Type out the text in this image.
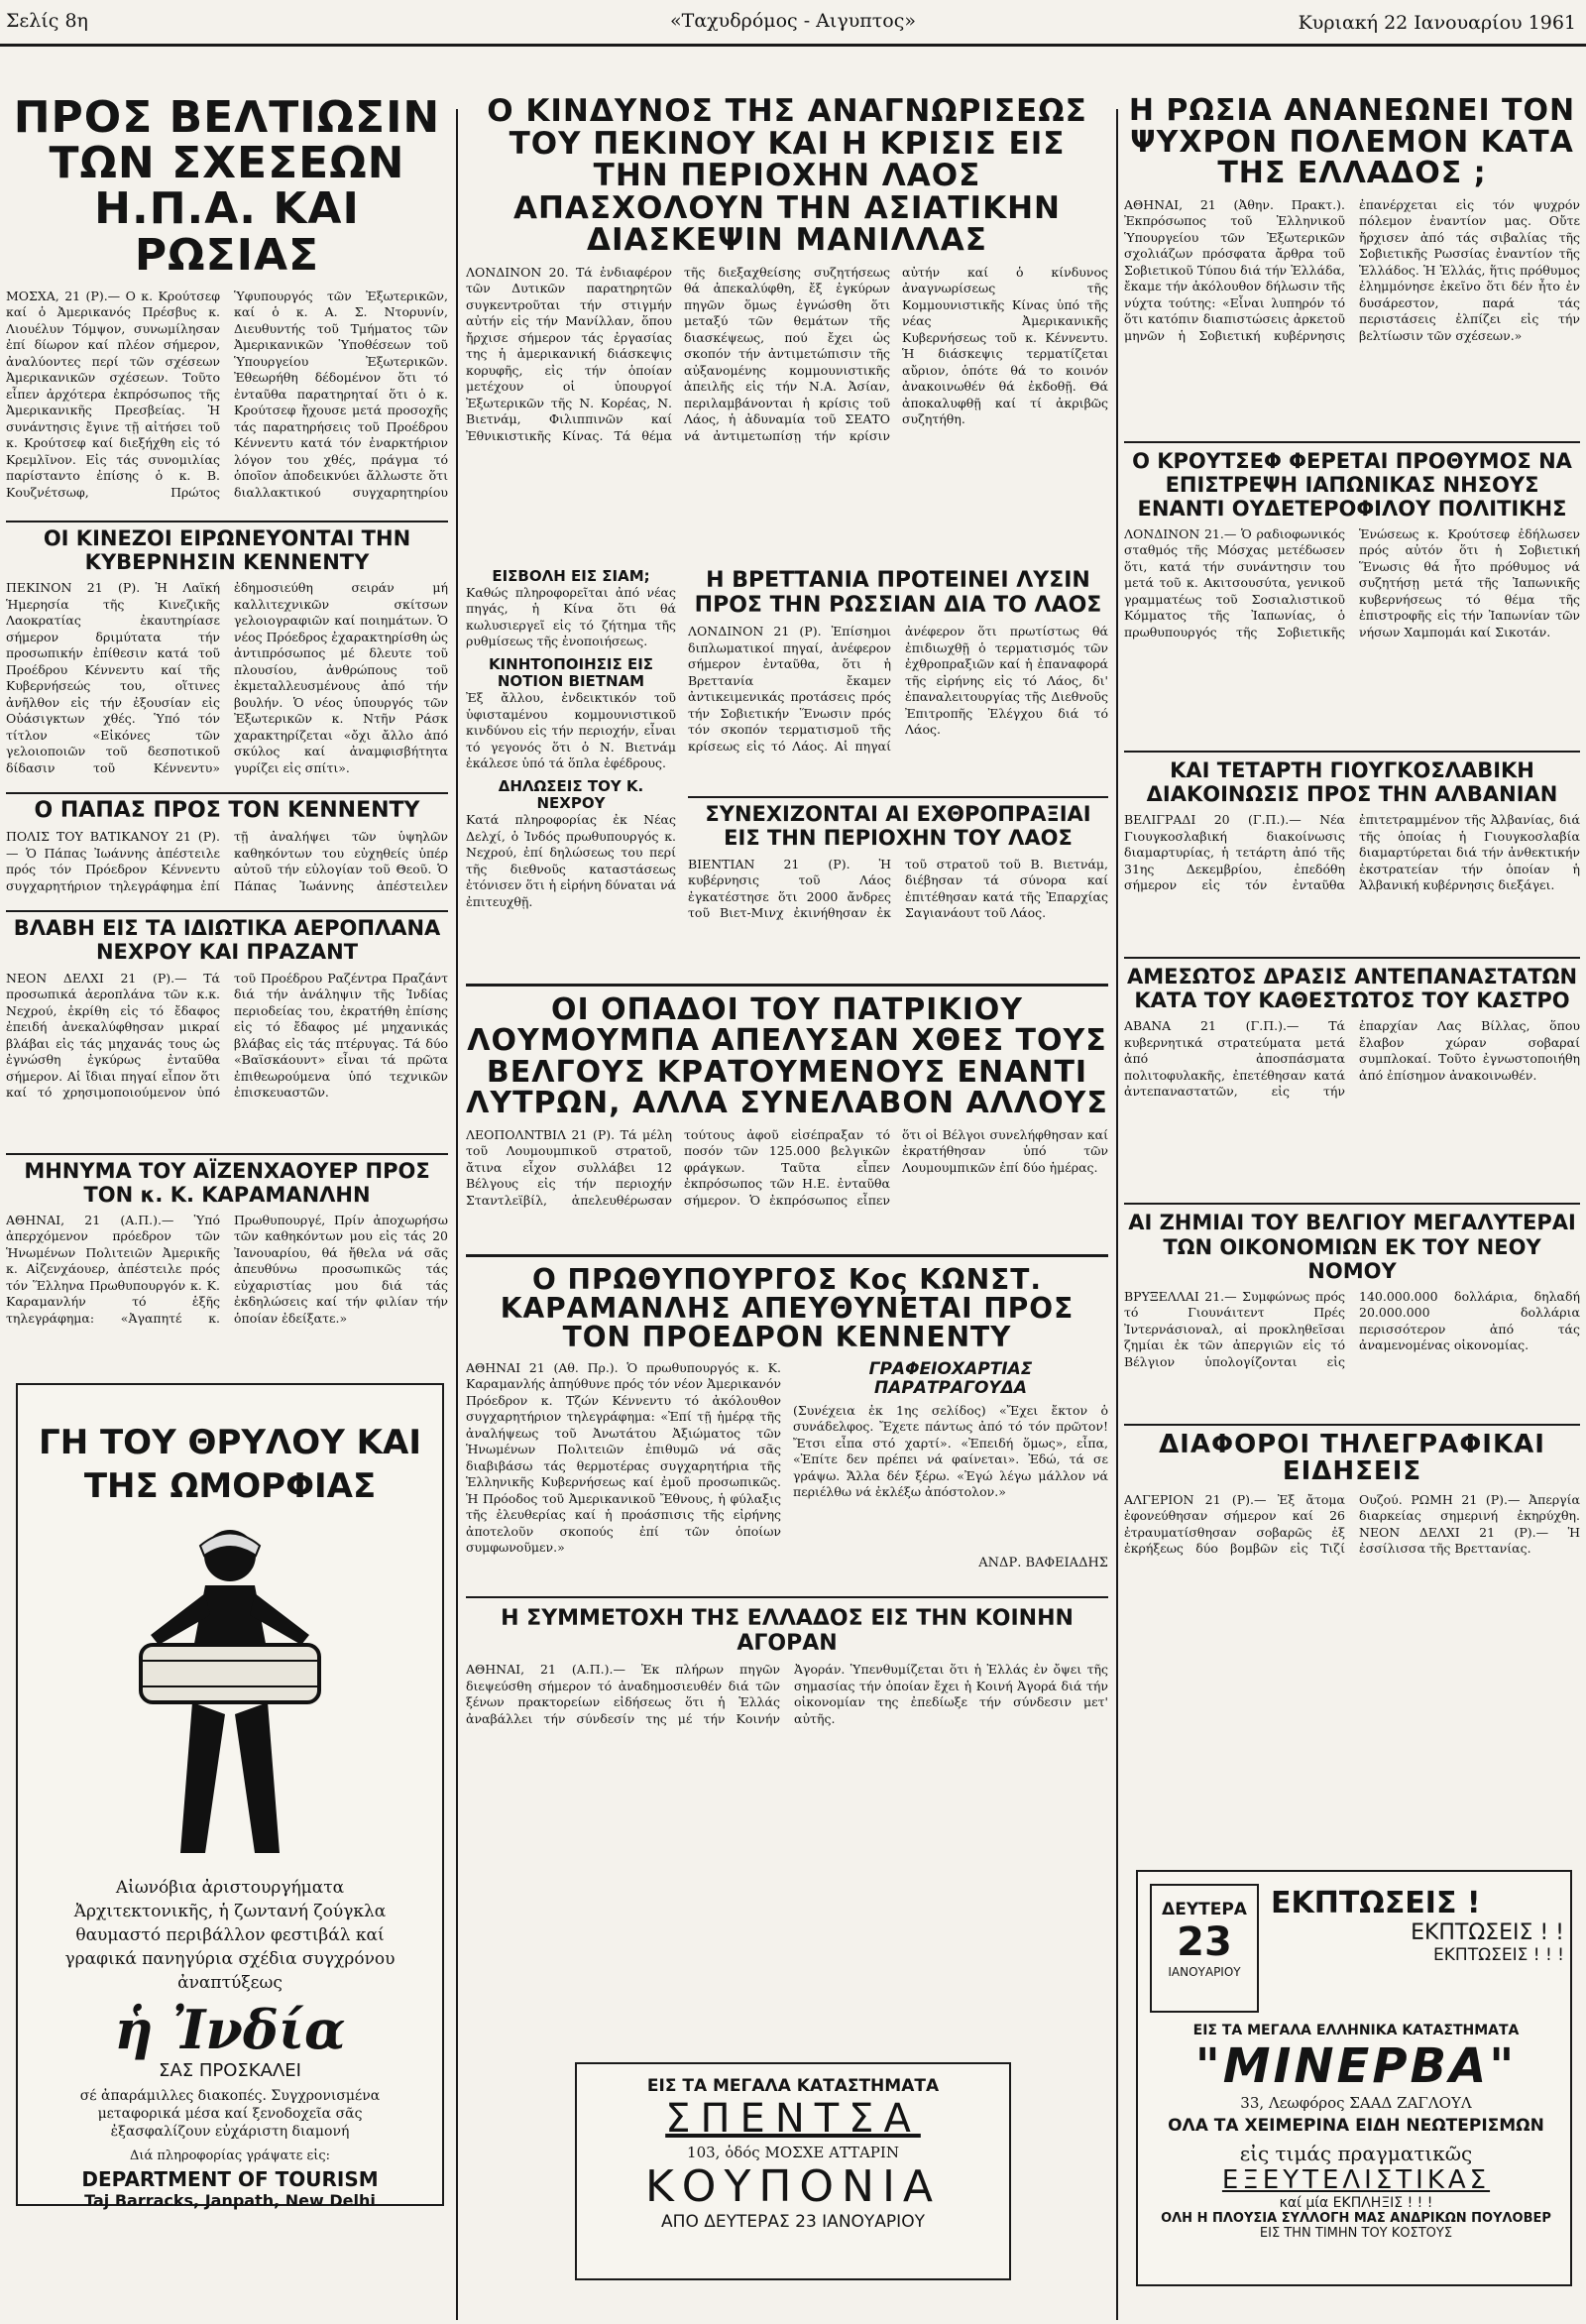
Σελίς 8η	«Ταχυδρόμος - Αιγυπτος»	Κυριακή 22 Ιανουαρίου 1961
ΠΡΟΣ ΒΕΛΤΙΩΣΙΝ ΤΩΝ ΣΧΕΣΕΩΝ Η.Π.Α. ΚΑΙ ΡΩΣΙΑΣ

ΜΟΣΧΑ, 21 (Ρ).— Ο κ. Κρούτσεφ καί ὁ Ἀμερικανός Πρέσβυς κ. Λιουέλυν Τόμψον, συνωμίλησαν ἐπί δίωρον καί πλέον σήμερον, ἀναλύοντες περί τῶν σχέσεων Ἀμερικανικῶν σχέσεων. Τοῦτο εἶπεν ἀρχότερα ἐκπρόσωπος τῆς Ἀμερικανικῆς Πρεσβείας. Ἡ συνάντησις ἔγινε τῇ αἰτήσει τοῦ κ. Κρούτσεφ καί διεξήχθη εἰς τό Κρεμλῖνον. Εἰς τάς συνομιλίας παρίσταντο ἐπίσης ὁ κ. Β. Κουζνέτσωφ, Πρώτος Ὑφυπουργός τῶν Ἐξωτερικῶν, καί ὁ κ. Α. Σ. Ντορυνίν, Διευθυντής τοῦ Τμήματος τῶν Ἀμερικανικῶν Ὑποθέσεων τοῦ Ὑπουργείου Ἐξωτερικῶν. Ἐθεωρήθη δέδομένον ὅτι τό ἐνταῦθα παρατηρηταί ὅτι ὁ κ. Κρούτσεφ ἤχουσε μετά προσοχῆς τάς παρατηρήσεις τοῦ Προέδρου Κέννεντυ κατά τόν ἐναρκτήριον λόγον του χθές, πράγμα τό ὁποῖον ἀποδεικνύει ἄλλωστε ὅτι διαλλακτικού συγχαρητηρίου

ΟΙ ΚΙΝΕΖΟΙ ΕΙΡΩΝΕΥΟΝΤΑΙ ΤΗΝ ΚΥΒΕΡΝΗΣΙΝ ΚΕΝΝΕΝΤΥ

ΠΕΚΙΝΟΝ 21 (Ρ). Ἡ Λαϊκή Ἡμερησία τῆς Κινεζικῆς Λαοκρατίας ἐκαυτηρίασε σήμερον δριμύτατα τήν προσωπικήν ἐπίθεσιν κατά τοῦ Προέδρου Κέννεντυ καί τῆς Κυβερνήσεώς του, οἵτινες ἀνῆλθον εἰς τήν ἐξουσίαν εἰς Οὐάσιγκτων χθές. Ὑπό τόν τίτλον «Εἰκόνες τῶν γελοιοποιῶν τοῦ δεσποτικοῦ δίδασιν τοῦ Κέννεντυ» ἐδημοσιεύθη σειράν μή καλλιτεχνικῶν σκίτσων γελοιογραφιῶν καί ποιημάτων. Ὁ νέος Πρόεδρος ἐχαρακτηρίσθη ὡς ἀντιπρόσωπος μέ δλευτε τοῦ πλουσίου, ἀνθρώπους τοῦ ἐκμεταλλευσμένους ἀπό τήν βουλήν. Ὁ νέος ὑπουργός τῶν Ἐξωτερικῶν κ. Ντῆν Ράσκ χαρακτηρίζεται «ὄχι ἄλλο ἀπό σκύλος καί ἀναμφισβήτητα γυρίζει εἰς σπίτι».

Ο ΠΑΠΑΣ ΠΡΟΣ ΤΟΝ ΚΕΝΝΕΝΤΥ

ΠΟΛΙΣ ΤΟΥ ΒΑΤΙΚΑΝΟΥ 21 (Ρ).— Ὁ Πάπας Ἰωάννης ἀπέστειλε πρός τόν Πρόεδρον Κέννεντυ συγχαρητήριον τηλεγράφημα ἐπί τῇ ἀναλήψει τῶν ὑψηλῶν καθηκόντων του εὐχηθείς ὑπέρ αὐτοῦ τήν εὐλογίαν τοῦ Θεοῦ. Ὁ Πάπας Ἰωάννης ἀπέστειλεν

ΒΛΑΒΗ ΕΙΣ ΤΑ ΙΔΙΩΤΙΚΑ ΑΕΡΟΠΛΑΝΑ ΝΕΧΡΟΥ ΚΑΙ ΠΡΑΖΑΝΤ

ΝΕΟΝ ΔΕΛΧΙ 21 (Ρ).— Τά προσωπικά ἀεροπλάνα τῶν κ.κ. Νεχρού, ἐκρίθη εἰς τό ἔδαφος ἐπειδή ἀνεκαλύφθησαν μικραί βλάβαι εἰς τάς μηχανάς τους ὡς ἐγνώσθη ἐγκύρως ἐνταῦθα σήμερον. Αἱ ἴδιαι πηγαί εἶπον ὅτι καί τό χρησιμοποιούμενον ὑπό τοῦ Προέδρου Ραζέντρα Πραζάντ διά τήν ἀνάληψιν τῆς Ἰνδίας περιοδείας του, ἐκρατήθη ἐπίσης εἰς τό ἔδαφος μέ μηχανικάς βλάβας εἰς τάς πτέρυγας. Τά δύο «Βαϊσκάουντ» εἶναι τά πρῶτα ἐπιθεωρούμενα ὑπό τεχνικῶν ἐπισκευαστῶν.

ΜΗΝΥΜΑ ΤΟΥ ΑΪΖΕΝΧΑΟΥΕΡ ΠΡΟΣ ΤΟΝ κ. Κ. ΚΑΡΑΜΑΝΛΗΝ

ΑΘΗΝΑΙ, 21 (Α.Π.).— Ὑπό ἀπερχόμενον πρόεδρον τῶν Ἡνωμένων Πολιτειῶν Ἀμερικῆς κ. Αἰζενχάουερ, ἀπέστειλε πρός τόν Ἕλληνα Πρωθυπουργόν κ. Κ. Καραμανλήν τό ἑξῆς τηλεγράφημα: «Ἀγαπητέ κ. Πρωθυπουργέ, Πρίν ἀποχωρήσω τῶν καθηκόντων μου εἰς τάς 20 Ἰανουαρίου, θά ἤθελα νά σᾶς ἀπευθύνω προσωπικῶς τάς εὐχαριστίας μου διά τάς ἐκδηλώσεις καί τήν φιλίαν τήν ὁποίαν ἐδείξατε.»

ΓΗ ΤΟΥ ΘΡΥΛΟΥ ΚΑΙ ΤΗΣ ΩΜΟΡΦΙΑΣ

Αἰωνόβια ἀριστουργήματα Ἀρχιτεκτονικῆς, ἡ ζωντανή ζούγκλα θαυμαστό περιβάλλον φεστιβάλ καί γραφικά πανηγύρια σχέδια συγχρόνου ἀναπτύξεως

ἡ Ἰνδία
ΣΑΣ ΠΡΟΣΚΑΛΕΙ

σέ ἀπαράμιλλες διακοπές. Συγχρονισμένα μεταφορικά μέσα καί ξενοδοχεῖα σᾶς ἐξασφαλίζουν εὐχάριστη διαμονή

Διά πληροφορίας γράψατε εἰς:

DEPARTMENT OF TOURISM
Taj Barracks, Janpath, New Delhi
Ο ΚΙΝΔΥΝΟΣ ΤΗΣ ΑΝΑΓΝΩΡΙΣΕΩΣ ΤΟΥ ΠΕΚΙΝΟΥ ΚΑΙ Η ΚΡΙΣΙΣ ΕΙΣ ΤΗΝ ΠΕΡΙΟΧΗΝ ΛΑΟΣ ΑΠΑΣΧΟΛΟΥΝ ΤΗΝ ΑΣΙΑΤΙΚΗΝ ΔΙΑΣΚΕΨΙΝ ΜΑΝΙΛΛΑΣ

ΛΟΝΔΙΝΟΝ 20. Τά ἐνδιαφέρον τῶν Δυτικῶν παρατηρητῶν συγκεντροῦται τήν στιγμήν αὐτήν εἰς τήν Μανίλλαν, ὅπου ἤρχισε σήμερον τάς ἐργασίας της ἡ ἀμερικανική διάσκεψις κορυφῆς, εἰς τήν ὁποίαν μετέχουν οἱ ὑπουργοί Ἐξωτερικῶν τῆς Ν. Κορέας, Ν. Βιετνάμ, Φιλιππινῶν καί Ἐθνικιστικῆς Κίνας. Τά θέμα τῆς διεξαχθείσης συζητήσεως θά ἀπεκαλύφθη, ἔξ ἐγκύρων πηγῶν ὅμως ἐγνώσθη ὅτι μεταξύ τῶν θεμάτων τῆς διασκέψεως, πού ἔχει ὡς σκοπόν τήν ἀντιμετώπισιν τῆς αὐξανομένης κομμουνιστικῆς ἀπειλῆς εἰς τήν Ν.Α. Ἀσίαν, περιλαμβάνονται ἡ κρίσις τοῦ Λάος, ἡ ἀδυναμία τοῦ ΣΕΑΤΟ νά ἀντιμετωπίσῃ τήν κρίσιν αὐτήν καί ὁ κίνδυνος ἀναγνωρίσεως τῆς Κομμουνιστικῆς Κίνας ὑπό τῆς νέας Ἀμερικανικῆς Κυβερνήσεως τοῦ κ. Κέννεντυ. Ἡ διάσκεψις τερματίζεται αὔριον, ὁπότε θά το κοινόν ἀνακοινωθέν θά ἐκδοθῇ. Θά ἀποκαλυφθῇ καί τί ἀκριβῶς συζητήθη.

ΕΙΣΒΟΛΗ ΕΙΣ ΣΙΑΜ;

Καθώς πληροφορεῖται ἀπό νέας πηγάς, ἡ Κίνα ὅτι θά κωλυσιεργεῖ εἰς τό ζήτημα τῆς ρυθμίσεως τῆς ἐνοποιήσεως.

ΚΙΝΗΤΟΠΟΙΗΣΙΣ ΕΙΣ ΝΟΤΙΟΝ ΒΙΕΤΝΑΜ

Ἐξ ἄλλου, ἐνδεικτικόν τοῦ ὑφισταμένου κομμουνιστικοῦ κινδύνου εἰς τήν περιοχήν, εἶναι τό γεγονός ὅτι ὁ Ν. Βιετνάμ ἐκάλεσε ὑπό τά ὅπλα ἐφέδρους.

ΔΗΛΩΣΕΙΣ ΤΟΥ Κ. ΝΕΧΡΟΥ

Κατά πληροφορίας ἐκ Νέας Δελχί, ὁ Ἰνδός πρωθυπουργός κ. Νεχρού, ἐπί δηλώσεως του περί τῆς διεθνοῦς καταστάσεως ἐτόνισεν ὅτι ἡ εἰρήνη δύναται νά ἐπιτευχθῇ.

Η ΒΡΕΤΤΑΝΙΑ ΠΡΟΤΕΙΝΕΙ ΛΥΣΙΝ ΠΡΟΣ ΤΗΝ ΡΩΣΣΙΑΝ ΔΙΑ ΤΟ ΛΑΟΣ

ΛΟΝΔΙΝΟΝ 21 (Ρ). Ἐπίσημοι διπλωματικοί πηγαί, ἀνέφερον σήμερον ἐνταῦθα, ὅτι ἡ Βρεττανία ἔκαμεν ἀντικειμενικάς προτάσεις πρός τήν Σοβιετικήν Ἕνωσιν πρός τόν σκοπόν τερματισμοῦ τῆς κρίσεως εἰς τό Λάος. Αἱ πηγαί ἀνέφερον ὅτι πρωτίστως θά ἐπιδιωχθῇ ὁ τερματισμός τῶν ἐχθροπραξιῶν καί ἡ ἐπαναφορά τῆς εἰρήνης εἰς τό Λάος, δι' ἐπαναλειτουργίας τῆς Διεθνοῦς Ἐπιτροπῆς Ἐλέγχου διά τό Λάος.

ΣΥΝΕΧΙΖΟΝΤΑΙ ΑΙ ΕΧΘΡΟΠΡΑΞΙΑΙ ΕΙΣ ΤΗΝ ΠΕΡΙΟΧΗΝ ΤΟΥ ΛΑΟΣ

ΒΙΕΝΤΙΑΝ 21 (Ρ). Ἡ κυβέρνησις τοῦ Λάος ἐγκατέστησε ὅτι 2000 ἄνδρες τοῦ Βιετ-Μινχ ἐκινήθησαν ἐκ τοῦ στρατοῦ τοῦ Β. Βιετνάμ, διέβησαν τά σύνορα καί ἐπιτέθησαν κατά τῆς Ἐπαρχίας Σαγιανάουτ τοῦ Λάος.

ΟΙ ΟΠΑΔΟΙ ΤΟΥ ΠΑΤΡΙΚΙΟΥ ΛΟΥΜΟΥΜΠΑ ΑΠΕΛΥΣΑΝ ΧΘΕΣ ΤΟΥΣ ΒΕΛΓΟΥΣ ΚΡΑΤΟΥΜΕΝΟΥΣ ΕΝΑΝΤΙ ΛΥΤΡΩΝ, ΑΛΛΑ ΣΥΝΕΛΑΒΟΝ ΑΛΛΟΥΣ

ΛΕΟΠΟΛΝΤΒΙΛ 21 (Ρ). Τά μέλη τοῦ Λουμουμπικοῦ στρατοῦ, ἄτινα εἶχον συλλάβει 12 Βέλγους εἰς τήν περιοχήν Σταντλεϊβίλ, ἀπελευθέρωσαν τούτους ἀφοῦ εἰσέπραξαν τό ποσόν τῶν 125.000 βελγικῶν φράγκων. Ταῦτα εἶπεν ἐκπρόσωπος τῶν Η.Ε. ἐνταῦθα σήμερον. Ὁ ἐκπρόσωπος εἶπεν ὅτι οἱ Βέλγοι συνελήφθησαν καί ἐκρατήθησαν ὑπό τῶν Λουμουμπικῶν ἐπί δύο ἡμέρας.

Ο ΠΡΩΘΥΠΟΥΡΓΟΣ Κος ΚΩΝΣΤ. ΚΑΡΑΜΑΝΛΗΣ ΑΠΕΥΘΥΝΕΤΑΙ ΠΡΟΣ ΤΟΝ ΠΡΟΕΔΡΟΝ ΚΕΝΝΕΝΤΥ

ΑΘΗΝΑΙ 21 (Αθ. Πρ.). Ὁ πρωθυπουργός κ. Κ. Καραμανλής ἀπηύθυνε πρός τόν νέον Ἀμερικανόν Πρόεδρον κ. Τζών Κέννεντυ τό ἀκόλουθον συγχαρητήριον τηλεγράφημα: «Ἐπί τῇ ἡμέρᾳ τῆς ἀναλήψεως τοῦ Ἀνωτάτου Ἀξιώματος τῶν Ἡνωμένων Πολιτειῶν ἐπιθυμῶ νά σᾶς διαβιβάσω τάς θερμοτέρας συγχαρητήρια τῆς Ἑλληνικῆς Κυβερνήσεως καί ἐμοῦ προσωπικῶς. Ἡ Πρόοδος τοῦ Ἀμερικανικοῦ Ἔθνους, ἡ φύλαξις τῆς ἐλευθερίας καί ἡ προάσπισις τῆς εἰρήνης ἀποτελοῦν σκοπούς ἐπί τῶν ὁποίων συμφωνοῦμεν.»

ΓΡΑΦΕΙΟΧΑΡΤΙΑΣ ΠΑΡΑΤΡΑΓΟΥΔΑ

(Συνέχεια ἐκ 1ης σελίδος) «Ἔχει ἔκτον ὁ συνάδελφος. Ἔχετε πάντως ἀπό τό τόν πρῶτον! Ἔτσι εἶπα στό χαρτί». «Ἐπειδή ὅμως», εἶπα, «Ἐπίτε δεν πρέπει νά φαίνεται». Ἐδώ, τά σε γράψω. Ἄλλα δέν ξέρω. «Ἐγώ λέγω μάλλον νά περιέλθω νά ἐκλέξω ἀπόστολον.»

ΑΝΔΡ. ΒΑΦΕΙΑΔΗΣ

Η ΣΥΜΜΕΤΟΧΗ ΤΗΣ ΕΛΛΑΔΟΣ ΕΙΣ ΤΗΝ ΚΟΙΝΗΝ ΑΓΟΡΑΝ

ΑΘΗΝΑΙ, 21 (Α.Π.).— Ἐκ πλήρων πηγῶν διεψεύσθη σήμερον τό ἀναδημοσιευθέν διά τῶν ξένων πρακτορείων εἰδήσεως ὅτι ἡ Ἑλλάς ἀναβάλλει τήν σύνδεσίν της μέ τήν Κοινήν Ἀγοράν. Ὑπενθυμίζεται ὅτι ἡ Ἑλλάς ἐν ὄψει τῆς σημασίας τήν ὁποίαν ἔχει ἡ Κοινή Ἀγορά διά τήν οἰκονομίαν της ἐπεδίωξε τήν σύνδεσιν μετ' αὐτῆς.

ΕΙΣ ΤΑ ΜΕΓΑΛΑ ΚΑΤΑΣΤΗΜΑΤΑ
ΣΠΕΝΤΣΑ
103, ὁδός ΜΟΣΧΕ ΑΤΤΑΡΙΝ
ΚΟΥΠΟΝΙΑ
ΑΠΟ ΔΕΥΤΕΡΑΣ 23 ΙΑΝΟΥΑΡΙΟΥ
Η ΡΩΣΙΑ ΑΝΑΝΕΩΝΕΙ ΤΟΝ ΨΥΧΡΟΝ ΠΟΛΕΜΟΝ ΚΑΤΑ ΤΗΣ ΕΛΛΑΔΟΣ ;

ΑΘΗΝΑΙ, 21 (Ἀθην. Πρακτ.). Ἐκπρόσωπος τοῦ Ἑλληνικοῦ Ὑπουργείου τῶν Ἐξωτερικῶν σχολιάζων πρόσφατα ἄρθρα τοῦ Σοβιετικοῦ Τύπου διά τήν Ἑλλάδα, ἔκαμε τήν ἀκόλουθον δήλωσιν τῆς νύχτα τούτης: «Εἶναι λυπηρόν τό ὅτι κατόπιν διαπιστώσεις ἀρκετοῦ μηνῶν ἡ Σοβιετική κυβέρνησις ἐπανέρχεται εἰς τόν ψυχρόν πόλεμον ἐναντίον μας. Οὔτε ἤρχισεν ἀπό τάς σιβαλίας τῆς Σοβιετικῆς Ρωσσίας ἐναντίον τῆς Ἑλλάδος. Ἡ Ἑλλάς, ἥτις πρόθυμος ἐλημμόνησε ἐκεῖνο ὅτι δέν ἦτο ἐν δυσάρεστον, παρά τάς περιστάσεις ἐλπίζει εἰς τήν βελτίωσιν τῶν σχέσεων.»

Ο ΚΡΟΥΤΣΕΦ ΦΕΡΕΤΑΙ ΠΡΟΘΥΜΟΣ ΝΑ ΕΠΙΣΤΡΕΨΗ ΙΑΠΩΝΙΚΑΣ ΝΗΣΟΥΣ ΕΝΑΝΤΙ ΟΥΔΕΤΕΡΟΦΙΛΟΥ ΠΟΛΙΤΙΚΗΣ

ΛΟΝΔΙΝΟΝ 21.— Ὁ ραδιοφωνικός σταθμός τῆς Μόσχας μετέδωσεν ὅτι, κατά τήν συνάντησιν του μετά τοῦ κ. Ακιτσουσύτα, γενικοῦ γραμματέως τοῦ Σοσιαλιστικοῦ Κόμματος τῆς Ἰαπωνίας, ὁ πρωθυπουργός τῆς Σοβιετικῆς Ἑνώσεως κ. Κρούτσεφ ἐδήλωσεν πρός αὐτόν ὅτι ἡ Σοβιετική Ἕνωσις θά ἦτο πρόθυμος νά συζητήσῃ μετά τῆς Ἰαπωνικῆς κυβερνήσεως τό θέμα τῆς ἐπιστροφῆς εἰς τήν Ἰαπωνίαν τῶν νήσων Χαμπομάι καί Σικοτάν.

ΚΑΙ ΤΕΤΑΡΤΗ ΓΙΟΥΓΚΟΣΛΑΒΙΚΗ ΔΙΑΚΟΙΝΩΣΙΣ ΠΡΟΣ ΤΗΝ ΑΛΒΑΝΙΑΝ

ΒΕΛΙΓΡΑΔΙ 20 (Γ.Π.).— Νέα Γιουγκοσλαβική διακοίνωσις διαμαρτυρίας, ἡ τετάρτη ἀπό τῆς 31ης Δεκεμβρίου, ἐπεδόθη σήμερον εἰς τόν ἐνταῦθα ἐπιτετραμμένον τῆς Ἀλβανίας, διά τῆς ὁποίας ἡ Γιουγκοσλαβία διαμαρτύρεται διά τήν ἀνθεκτικήν ἐκστρατείαν τήν ὁποίαν ἡ Ἀλβανική κυβέρνησις διεξάγει.

ΑΜΕΣΩΤΟΣ ΔΡΑΣΙΣ ΑΝΤΕΠΑΝΑΣΤΑΤΩΝ ΚΑΤΑ ΤΟΥ ΚΑΘΕΣΤΩΤΟΣ ΤΟΥ ΚΑΣΤΡΟ

ΑΒΑΝΑ 21 (Γ.Π.).— Τά κυβερνητικά στρατεύματα μετά ἀπό ἀποσπάσματα πολιτοφυλακῆς, ἐπετέθησαν κατά ἀντεπαναστατῶν, εἰς τήν ἐπαρχίαν Λας Βίλλας, ὅπου ἔλαβον χώραν σοβαραί συμπλοκαί. Τοῦτο ἐγνωστοποιήθη ἀπό ἐπίσημον ἀνακοινωθέν.

ΑΙ ΖΗΜΙΑΙ ΤΟΥ ΒΕΛΓΙΟΥ ΜΕΓΑΛΥΤΕΡΑΙ ΤΩΝ ΟΙΚΟΝΟΜΙΩΝ ΕΚ ΤΟΥ ΝΕΟΥ ΝΟΜΟΥ

ΒΡΥΞΕΛΛΑΙ 21.— Συμφώνως πρός τό Γιουνάιτεντ Πρές Ἰντερνάσιοναλ, αἱ προκληθεῖσαι ζημίαι ἐκ τῶν ἀπεργιῶν εἰς τό Βέλγιον ὑπολογίζονται εἰς 140.000.000 δολλάρια, δηλαδή 20.000.000 δολλάρια περισσότερον ἀπό τάς ἀναμενομένας οἰκονομίας.

ΔΙΑΦΟΡΟΙ ΤΗΛΕΓΡΑΦΙΚΑΙ ΕΙΔΗΣΕΙΣ

ΑΛΓΕΡΙΟΝ 21 (Ρ).— Ἐξ ἄτομα ἐφονεύθησαν σήμερον καί 26 ἐτραυματίσθησαν σοβαρῶς ἐξ ἐκρήξεως δύο βομβῶν εἰς Τιζί Ουζού. ΡΩΜΗ 21 (Ρ).— Ἀπεργία διαρκείας σημερινή ἐκηρύχθη. ΝΕΟΝ ΔΕΛΧΙ 21 (Ρ).— Ἡ ἐσσίλισσα τῆς Βρεττανίας.

ΔΕΥΤΕΡΑ
23
ΙΑΝΟΥΑΡΙΟΥ
ΕΚΠΤΩΣΕΙΣ !
ΕΚΠΤΩΣΕΙΣ ! !
ΕΚΠΤΩΣΕΙΣ ! ! !
ΕΙΣ ΤΑ ΜΕΓΑΛΑ ΕΛΛΗΝΙΚΑ ΚΑΤΑΣΤΗΜΑΤΑ
"ΜΙΝΕΡΒΑ"
33, Λεωφόρος ΣΑΑΔ ΖΑΓΛΟΥΛ
ΟΛΑ ΤΑ ΧΕΙΜΕΡΙΝΑ ΕΙΔΗ ΝΕΩΤΕΡΙΣΜΩΝ
εἰς τιμάς πραγματικῶς
ΕΞΕΥΤΕΛΙΣΤΙΚΑΣ
καί μία ΕΚΠΛΗΞΙΣ ! ! !
ΟΛΗ Η ΠΛΟΥΣΙΑ ΣΥΛΛΟΓΗ ΜΑΣ ΑΝΔΡΙΚΩΝ ΠΟΥΛΟΒΕΡ
ΕΙΣ ΤΗΝ ΤΙΜΗΝ ΤΟΥ ΚΟΣΤΟΥΣ
